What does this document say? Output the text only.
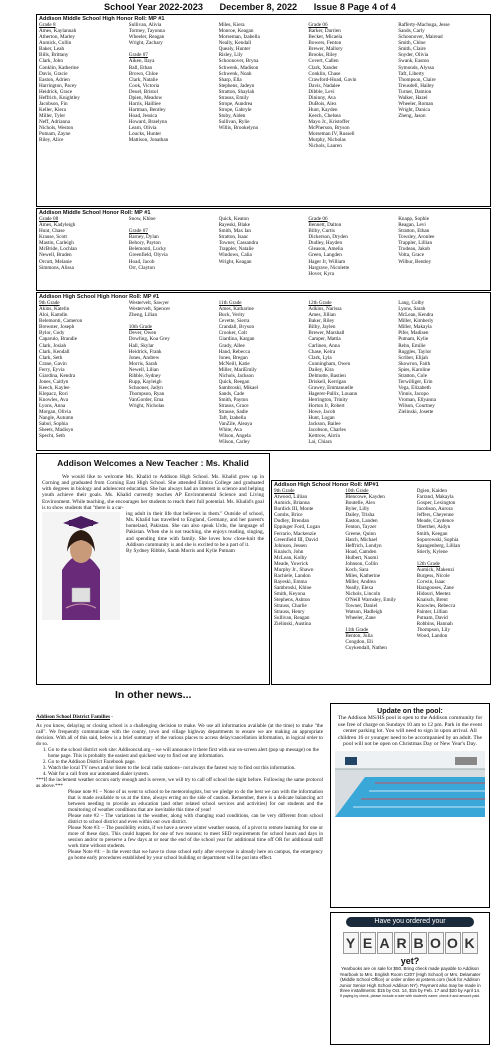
School Year 2022-2023 December 8, 2022 Issue 8 Page 4 of 4
Addison Middle School High Honor Roll: MP #1
Grade 8
Ames, Kaylannah
Atherton, Marley
Aumick, Collin
Baker, Leah
Bills, Brittany
Clark, John
Conklin, Katherine
Davis, Gracie
Easton, Adrien
Harrington, Pacey
Heidrick, Grace
Heffrich, Knightley
Jacobson, Fin
Keller, Kiera
Miller, Tyler
Neff, Adrianna
Nichols, Weston
Putnam, Zayne
Riley, Alice
Sullivan, Alivia
Tormey, Tayonna
Wheeler, Reagan
Wright, Zachary
Grade 07
Aiken, Ilaya
Ball, Ethan
Brown, Chloe
Clark, Natalie
Cook, Victoria
Deuel, Bristol
Dpien, Meadow
Harris, Hailliee
Hartman, Bentley
Hoad, Jessica
Howard, Braelynn
Learn, Olivia
Loucks, Hunter
Mattison, Jonathan
Miles, Kiera
Monroe, Keagan
Morseman, Izabella
Neally, Kendall
Quealy, Hunter
Risley, Lily
Schoonover, Bryna
Schwenk, Madison
Schwenk, Noah
Sharp, Ella
Stephens, Jadeyn
Stratton, Shaylah
Strauss, Emily
Strope, Aundrea
Strope, Gabryle
Stuby, Aiden
Sullivan, Rylie
Willis, Brookelynn
Grade 06
Barker, Darrien
Becker, Micaela
Bowers, Fenton
Brewer, Mallory
Brooks, Riley
Covert, Callen
Clark, Xander
Conklin, Chase
Crawford-Hoad, Gavin
Davis, Nadalee
Dibble, Levi
Dininny, Ava
DuBois, Alex
Hunt, Kayden
Keech, Chelsea
Mayo Jr., Kristoffer
McPherson, Bryson
Morseman IV, Russell
Murphy, Nicholas
Nichols, Lauren
Rafferty-Machuga, Jesse
Sands, Carly
Schoonover, Mairead
Smith, Chloe
Smith, Claire
Snyder, Olivia
Swank, Easton
Symonds, Alyssa
Taft, Liberty
Thompson, Claire
Treusdell, Hailey
Turner, Damion
Walker, Hazel
Wheeler, Roman
Wright, Danica
Zheng, Jason
Addison Middle School Honor Roll: MP #1
Grade 08
Ames, Kadyleigh
Hunt, Chase
Krause, Scott
Mastin, Carleigh
McBride, Lochlan
Newell, Braden
Orcutt, Melanie
Simmons, Alissa
Snow, Khloe
Grade 07
Barney, Dylan
Behory, Payton
Belemonti, Lucky
Greenfield, Olyvia
Hoad, Jacob
Orr, Clayton
Quick, Keaton
Rayeski, Blake
Smith, Max Ian
Stratton, Isaac
Towner, Cassandra
Trappler, Natalie
Windows, Calia
Wright, Keagan
Grade 06
Bennett, Dalton
Bilby, Curtis
Dickerson, Dryden
Dudley, Hayden
Gleason, Amelia
Green, Langden
Hager Jr, William
Hargrave, Nicolette
Hover, Kyra
Knapp, Sophie
Reagan, Levi
Stratton, Ethan
Towsley, Aronlee
Trappler, Lillian
Trudeau, Jakob
Volta, Grace
Wilbur, Bentley
Addison High School High Honor Roll: MP #1
9th Grade
Akins, Katelin
Aloi, Kamdin
Belemonti, Cameron
Brewster, Joseph
Bylor, Cody
Caparulo, Brandie
Clark, Josiah
Clark, Kendall
Clark, Seth
Crane, Gavin
Ferry, Eyvia
Giardina, Kendra
Jones, Caitlyn
Keech, Kaylee
Klepacz, Rori
Knowles, Ava
Lyons, Anna
Morgan, Olivia
Nangle, Autumn
Sabol, Sophia
Sheets, Madisyn
Specht, Seth
Westervelt, Sawyer
Westervelt, Spencer
Zheng, Lilian
10th Grade
Dever, Owen
Dowling, Koa Grey
Hall, Skylar
Heidrick, Frank
Jones, Andrew
Morris, Sarah
Newell, Lilian
Ribble, Sydney
Rupp, Kayleigh
Schooner, Jadyn
Thompson, Ryan
VanGorder, Ema
Wright, Nicholas
11th Grade
Ames, Katharine
Buck, Verity
Cevette, Sierra
Crandall, Bryson
Crooker, Colt
Giardina, Kargan
Grady, Allee
Hand, Rebecca
Jones, Bregan
McNeill, Katie
Miller, MariEmily
Nichols, Jackson
Quick, Reegan
Sambroski, Mikael
Sands, Cade
Smith, Payton
Strauss, Grace
Strause, Sadie
Taft, Izabella
VanZile, Aleaya
White, Ava
Wilson, Angela
Wilson, Carley
12th Grade
Adkins, Narissa
Ames, Jillian
Baker, Riley
Bilby, Jaylen
Brewer, Marshall
Camper, Mattia
Carlineo, Anna
Chase, Keira
Clark, Lyla
Cunningham, Owen
Dailey, Kira
Delmotte, Bastien
Driskell, Kerrigan
Grawey, Emmanuelle
Hagerer-Pallix, Louann
Herrington, Trinity
Horton Jr, Robert
Howe, Jacob
Hunt, Logan
Jackson, Bailee
Jacobson, Charles
Kettrow, Airrin
Lai, Chiara
Lang, Colby
Lyons, Sarah
McLean, Kendra
Miller, Kimberly
Miller, Makayla
Pifer, Madisen
Putnam, Kylie
Rehn, Emilie
Ruggles, Taylor
Scriber, Elijah
Skowron, Faith
Spies, Karoline
Stratton, Cole
Terwilliger, Erin
Vega, Elizabeth
Vinnis, Jacopo
Vroman, Ellyanna
Wilson, Courtney
Zielinski, Josette
Addison Welcomes a New Teacher : Ms. Khalid
We would like to welcome Ms. Khalid to Addison High School. Ms. Khalid grew up in Corning and graduated from Corning East High School. She attended Elmira College and graduated with degrees in biology and adolescent education. She has always had an interest in science and helping youth achieve their goals. Ms. Khalid currently teaches AP Environmental Science and Living Environment. While teaching, she encourages her students to reach their full potential. Ms. Khalid's goal is to show students that "there is a car-
ing adult in their life that believes in them." Outside of school, Ms. Khalid has travelled to England, Germany, and her parent's homeland, Pakistan. She can also speak Urdu, the language of Pakistan. When she is not teaching, she enjoys reading, singing, and spending time with family. She loves how close-knit the Addison community is and she is excited to be a part of it.
By Sydney Ribble, Sarah Morris and Kylie Putnam
Addison High School Honor Roll: MP#1
9th Grade
Atwood, Lillian
Aumick, Brianna
Burdick III, Monte
Combs, Brice
Dudley, Brendan
Eppinger Ford, Logan
Ferrario, Mackenzie
Greenfield III, David
Johnson, Jessen
Knaisch, John
McLean, Kolby
Meade, Yowrick
Murphy Jr., Shawn
Rachiele, Landon
Rayeski, Emma
Sambroski, Khloe
Smith, Keyona
Stephens, Ashton
Strauss, Charlie
Strauss, Henry
Sullivan, Reagan
Zielinski, Austina
10th Grade
Blencowe, Kayden
Boutelle, Alex
Byler, Lilly
Dailey, Trisha
Easton, Landen
Fenton, Tayzer
Greene, Quinn
Hatch, Michael
Heffrich, Londyn
Hoad, Camden
Hulbert, Naomi
Johnson, Collin
Koch, Sara
Miles, Katherine
Miller, Andrea
Neally, Elexa
Nichols, Lincoln
O'Neill Warnsley, Emily
Towner, Daniel
Watson, Hadleigh
Wheeler, Zane
11th Grade
Benton, Julia
Congdon, Eli
Coykendall, Nathen
Dgien, Kaiden
Farrand, Makayla
Gosper, Lexington
Jacobson, Aurora
Jeffers, Cheyenne
Meade, Caydence
Oberther, Aidyn
Smith, Keegan
Soporowski, Sophia
Spangenberg, Lillian
Stierly, Kylene
12th Grade
Aumick, Makenzi
Burgess, Nicole
Corwin, Isaac
Haragooses, Zane
Hidouri, Meetez
Knaisch, Brent
Knowles, Rebecca
Painter, Lillian
Putnam, David
Robbins, Hannah
Thompson, Lily
Wood, Landon
In other news...
Addison School District Families -
As you know, delaying or closing school is a challenging decision to make. We use all information available (at the time) to make "the call". We frequently communicate with the county, town and village highway departments to ensure we are making an appropriate decision. With all of this said, below is a brief summary of the various places to access delay/cancellation information, in logical order to do so.
1. Go to the school district web site: Addisoncsd.org – we will announce it there first with our on-screen alert (pop up message) on the home page. This is probably the easiest and quickest way to find out any information.
2. Go to the Addison District Facebook page.
3. Watch the local TV news and/or listen to the local radio stations– not always the fastest way to find out this information.
4. Wait for a call from our automated dialer system.
***If the inclement weather occurs early enough and is severe, we will try to call off school the night before. Following the same protocol as above.***
Please note #1 – None of us went to school to be meteorologists, but we pledge to do the best we can with the information that is made available to us at the time, always erring on the side of caution. Remember, there is a delicate balancing act between needing to provide an education (and other related school services and activities) for our students and the monitoring of weather conditions that are inevitable this time of year!
Please note #2 – The variations in the weather, along with changing road conditions, can be very different from school district to school district and even within our own district.
Please Note #3: – The possibility exists, if we have a severe winter weather season, of a pivot to remote learning for one or more of these days. This could happen for one of two reasons: to meet SED requirements for school hours and days in session and/or to preserve a few days at or near the end of the school year for additional time off OR for additional staff work time without students.
Please Note #4: – In the event that we have to close school early after everyone is already here on campus, the emergency go home early procedures established by your school building or department will be put into effect.
Update on the pool:
The Addison MS/HS pool is open to the Addison community for use free of charge on Sundays 10 am to 12 pm. Park in the event center parking lot. You will need to sign in upon arrival. All children 16 or younger need to be accompanied by an adult. The pool will not be open on Christmas Day or New Year's Day.
Have you ordered your
Y E A R B O O K
yet?
Yearbooks are on sale for $50. Bring check made payable to Addison Yearbook to Mrs. English Room C207 (High School) or Mrs. Delamater (Middle School Office) or order online at jostens.com (look for Addison Junior Senior High School Addison NY). Payment also may be made in three installments: $15 by Oct. 14, $15 by Feb. 17 and $20 by April 14.
If paying by check, please include a note with student's name; check it and amount paid.
